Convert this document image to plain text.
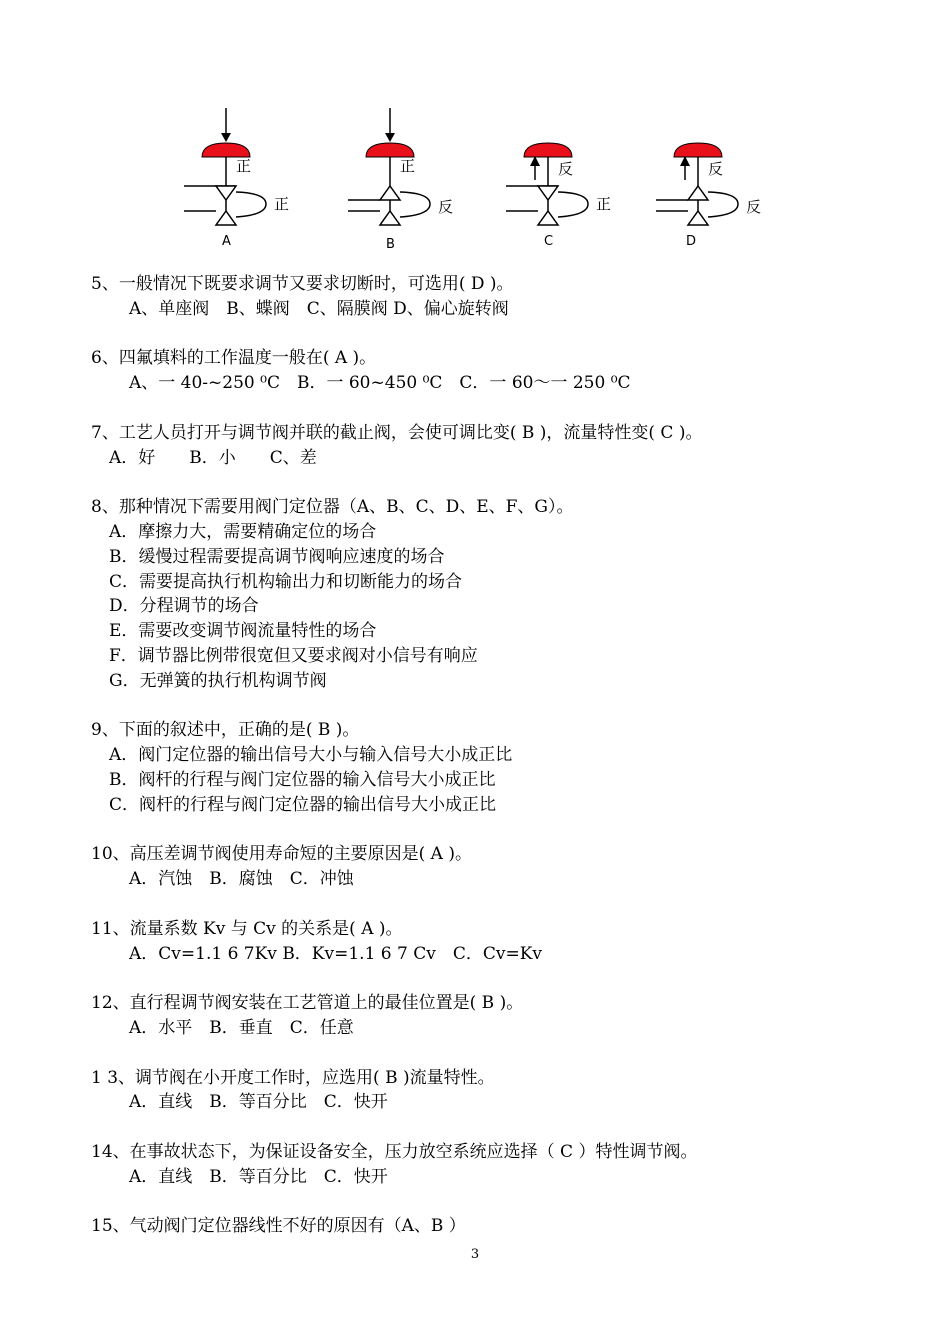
正
正
A
正
反
B
反
正
C
反
反
D
5、一般情况下既要求调节又要求切断时，可选用( D )。
A、单座阀　B、蝶阀　C、隔膜阀 D、偏心旋转阀
6、四氟填料的工作温度一般在( A )。
A、一 40-~250 ⁰C　B．一 60~450 ⁰C　C．一 60～一 250 ⁰C
7、工艺人员打开与调节阀并联的截止阀，会使可调比变( B )，流量特性变( C )。
A．好　　B．小　　C、差
8、那种情况下需要用阀门定位器（A、B、C、D、E、F、G）。
A．摩擦力大，需要精确定位的场合
B．缓慢过程需要提高调节阀响应速度的场合
C．需要提高执行机构输出力和切断能力的场合
D．分程调节的场合
E．需要改变调节阀流量特性的场合
F．调节器比例带很宽但又要求阀对小信号有响应
G．无弹簧的执行机构调节阀
9、下面的叙述中，正确的是( B )。
A．阀门定位器的输出信号大小与输入信号大小成正比
B．阀杆的行程与阀门定位器的输入信号大小成正比
C．阀杆的行程与阀门定位器的输出信号大小成正比
10、高压差调节阀使用寿命短的主要原因是( A )。
A．汽蚀　B．腐蚀　C．冲蚀
11、流量系数 Kv 与 Cv 的关系是( A )。
A．Cv=1.1 6 7Kv B．Kv=1.1 6 7 Cv　C．Cv=Kv
12、直行程调节阀安装在工艺管道上的最佳位置是( B )。
A．水平　B．垂直　C．任意
1 3、调节阀在小开度工作时，应选用( B )流量特性。
A．直线　B．等百分比　C．快开
14、在事故状态下，为保证设备安全，压力放空系统应选择（ C ）特性调节阀。
A．直线　B．等百分比　C．快开
15、气动阀门定位器线性不好的原因有（A、B ）
3
